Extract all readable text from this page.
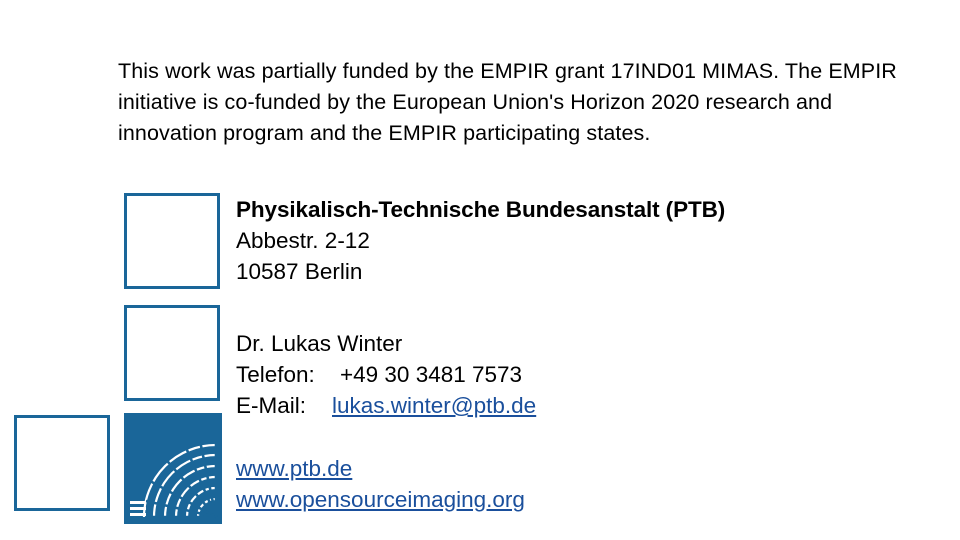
This work was partially funded by the EMPIR grant 17IND01 MIMAS. The EMPIR initiative is co-funded by the European Union's Horizon 2020 research and innovation program and the EMPIR participating states.

Physikalisch-Technische Bundesanstalt (PTB)
Abbestr. 2-12
10587 Berlin
Dr. Lukas Winter
Telefon: +49 30 3481 7573
E-Mail: lukas.winter@ptb.de
www.ptb.de
www.opensourceimaging.org
